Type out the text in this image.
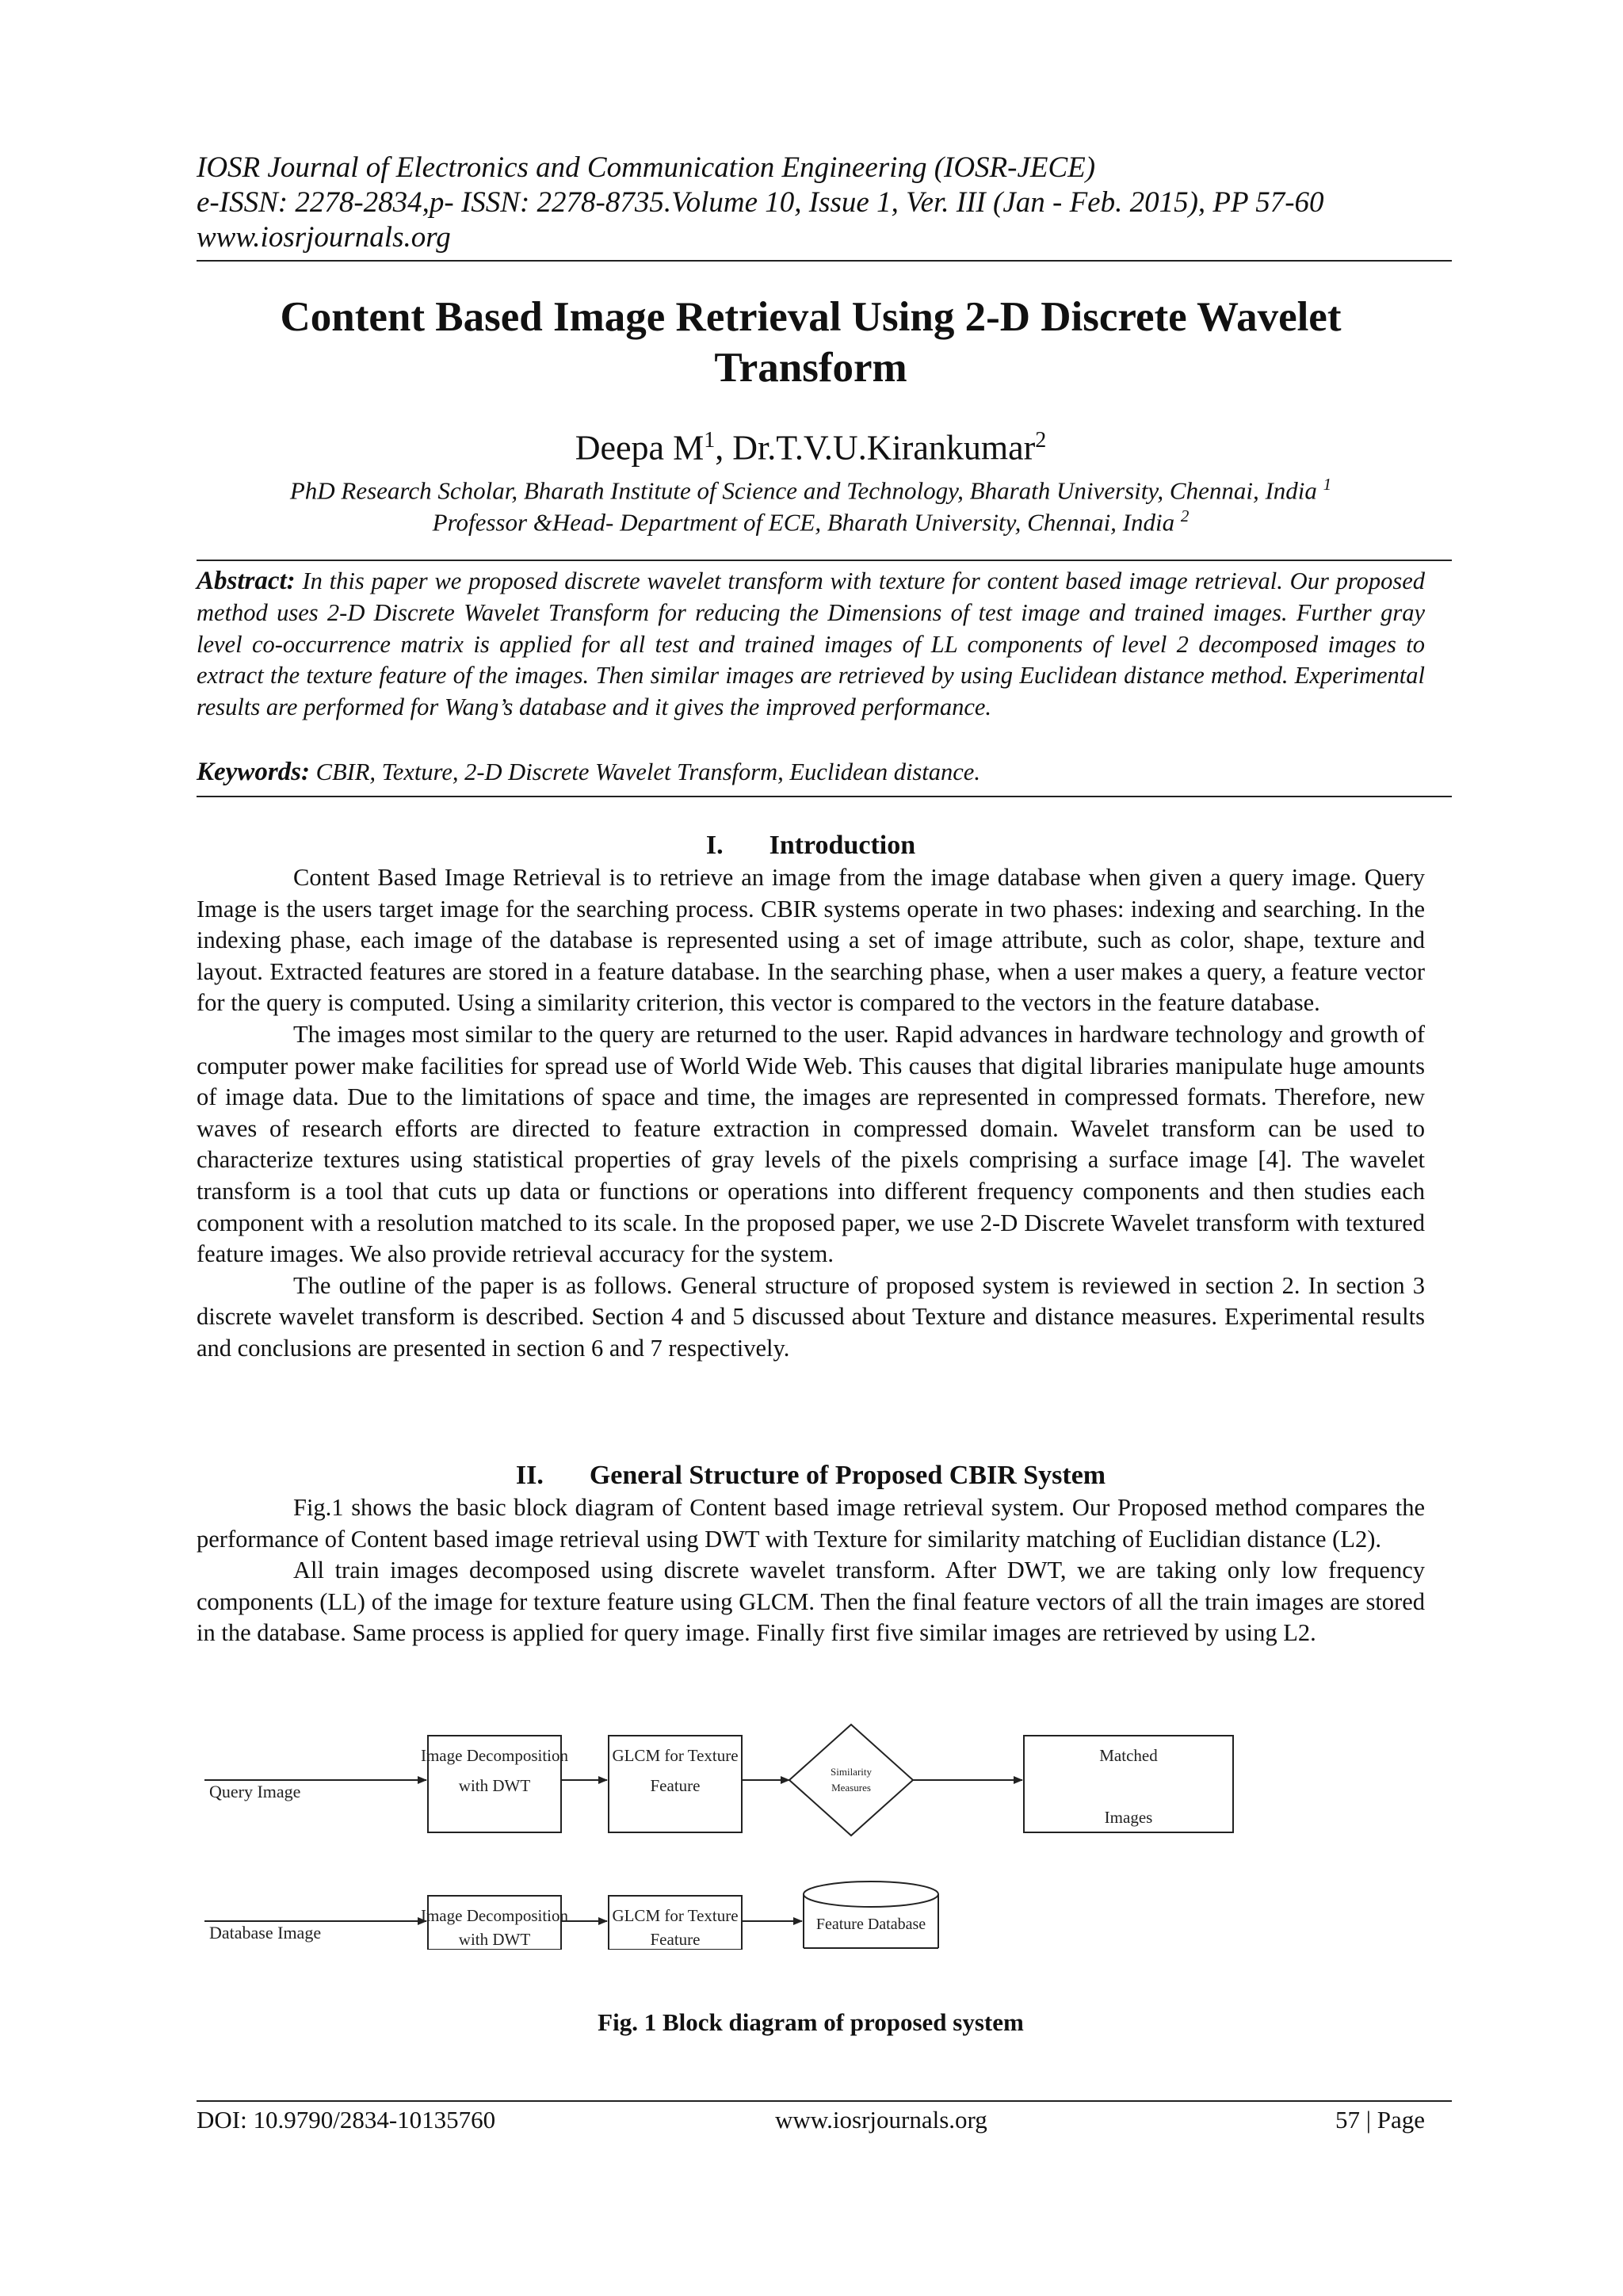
IOSR Journal of Electronics and Communication Engineering (IOSR-JECE)
e-ISSN: 2278-2834,p- ISSN: 2278-8735.Volume 10, Issue 1, Ver. III (Jan - Feb. 2015), PP 57-60
www.iosrjournals.org
Content Based Image Retrieval Using 2-D Discrete Wavelet
Transform
Deepa $M^1$, Dr.T.V.U.Kirankumar$^2$
PhD Research Scholar, Bharath Institute of Science and Technology, Bharath University, Chennai, India $^1$
Professor &Head- Department of ECE, Bharath University, Chennai, India $^2$

Abstract: In this paper we proposed discrete wavelet transform with texture for content based image retrieval. Our proposed method uses 2-D Discrete Wavelet Transform for reducing the Dimensions of test image and trained images. Further gray level co-occurrence matrix is applied for all test and trained images of LL components of level 2 decomposed images to extract the texture feature of the images. Then similar images are retrieved by using Euclidean distance method. Experimental results are performed for Wang’s database and it gives the improved performance.

Keywords: CBIR, Texture, 2-D Discrete Wavelet Transform, Euclidean distance.

I. Introduction

Content Based Image Retrieval is to retrieve an image from the image database when given a query image. Query Image is the users target image for the searching process. CBIR systems operate in two phases: indexing and searching. In the indexing phase, each image of the database is represented using a set of image attribute, such as color, shape, texture and layout. Extracted features are stored in a feature database. In the searching phase, when a user makes a query, a feature vector for the query is computed. Using a similarity criterion, this vector is compared to the vectors in the feature database.

The images most similar to the query are returned to the user. Rapid advances in hardware technology and growth of computer power make facilities for spread use of World Wide Web. This causes that digital libraries manipulate huge amounts of image data. Due to the limitations of space and time, the images are represented in compressed formats. Therefore, new waves of research efforts are directed to feature extraction in compressed domain. Wavelet transform can be used to characterize textures using statistical properties of gray levels of the pixels comprising a surface image [4]. The wavelet transform is a tool that cuts up data or functions or operations into different frequency components and then studies each component with a resolution matched to its scale. In the proposed paper, we use 2-D Discrete Wavelet transform with textured feature images. We also provide retrieval accuracy for the system.

The outline of the paper is as follows. General structure of proposed system is reviewed in section 2. In section 3 discrete wavelet transform is described. Section 4 and 5 discussed about Texture and distance measures. Experimental results and conclusions are presented in section 6 and 7 respectively.

II. General Structure of Proposed CBIR System

Fig.1 shows the basic block diagram of Content based image retrieval system. Our Proposed method compares the performance of Content based image retrieval using DWT with Texture for similarity matching of Euclidian distance (L2).

All train images decomposed using discrete wavelet transform. After DWT, we are taking only low frequency components (LL) of the image for texture feature using GLCM. Then the final feature vectors of all the train images are stored in the database. Same process is applied for query image. Finally first five similar images are retrieved by using L2.

Query Image
Image Decomposition
with DWT
GLCM for Texture
Feature
Similarity
Measures
Matched
Images
Database Image
Image Decomposition
with DWT
GLCM for Texture
Feature
Feature Database
Fig. 1 Block diagram of proposed system
DOI: 10.9790/2834-10135760	www.iosrjournals.org	57 | Page
